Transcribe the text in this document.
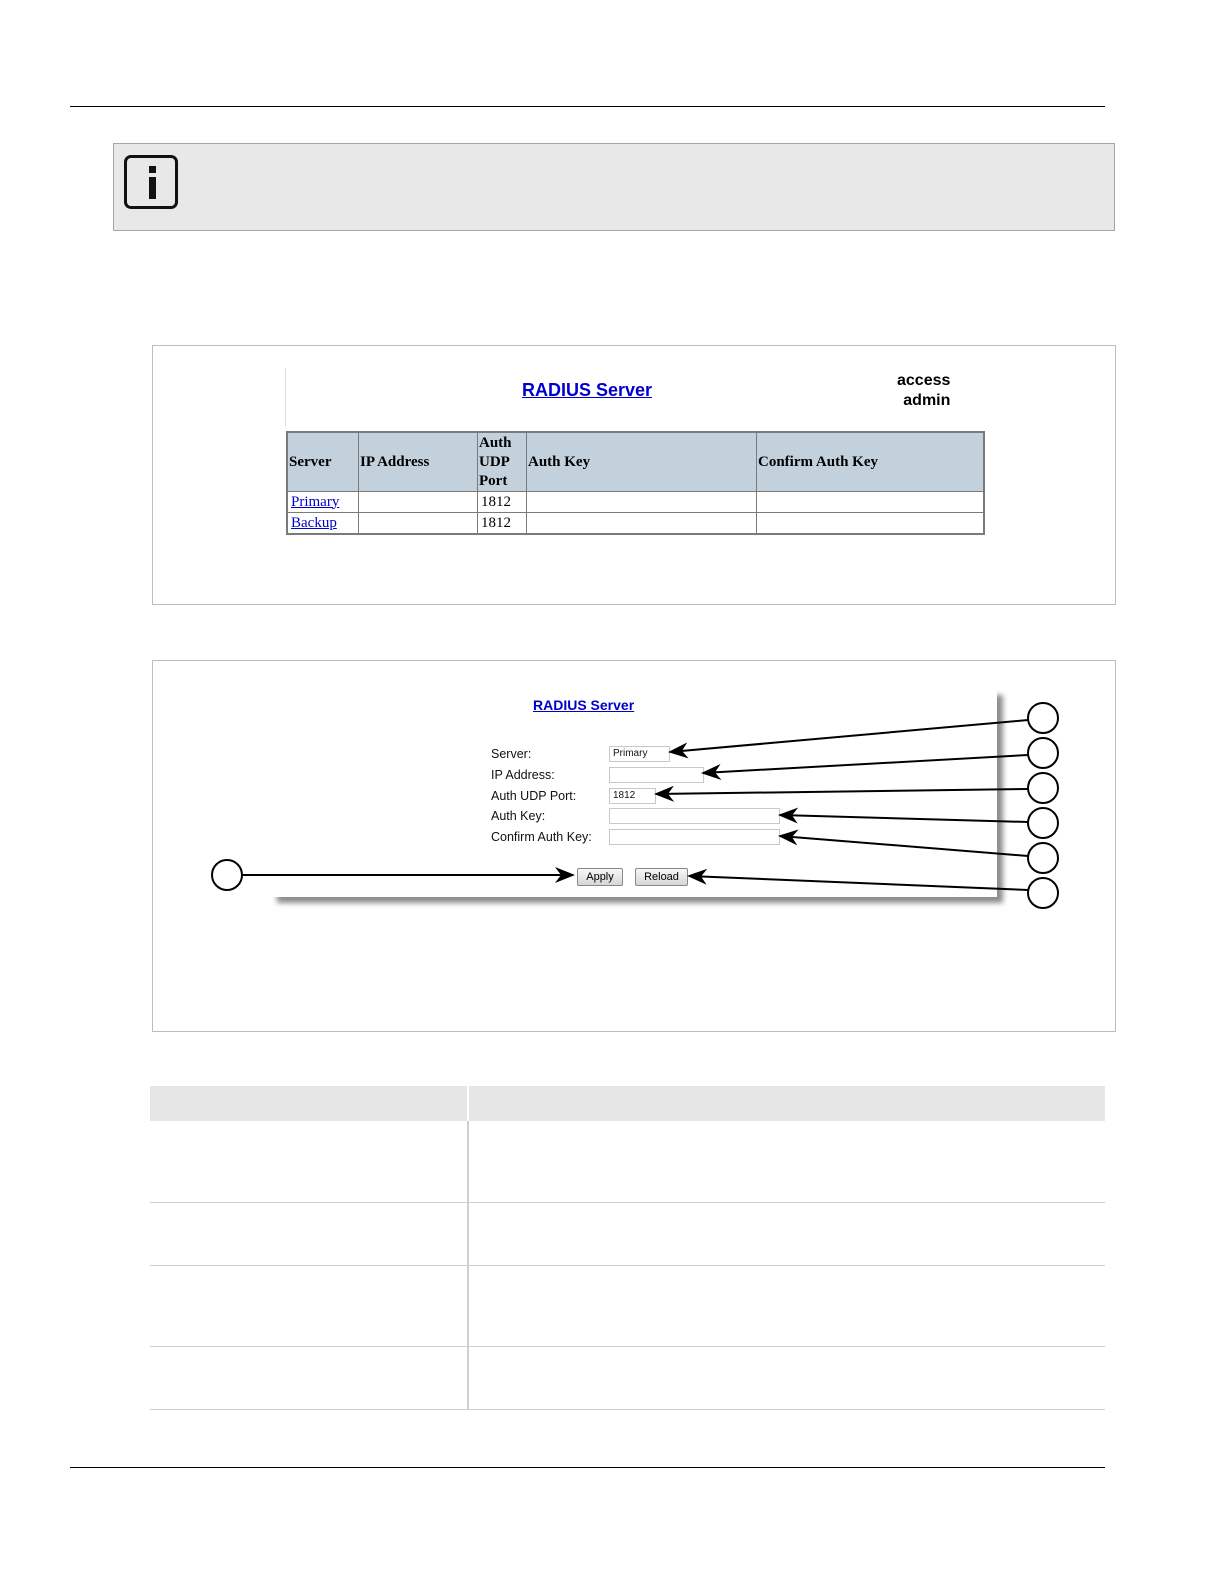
RADIUS Server	access
admin
Server	IP Address	Auth
UDP
Port	Auth Key	Confirm Auth Key
Primary		1812		
Backup		1812		
RADIUS Server
Server:	Primary
IP Address:
Auth UDP Port:	1812
Auth Key:
Confirm Auth Key:
Apply	Reload
